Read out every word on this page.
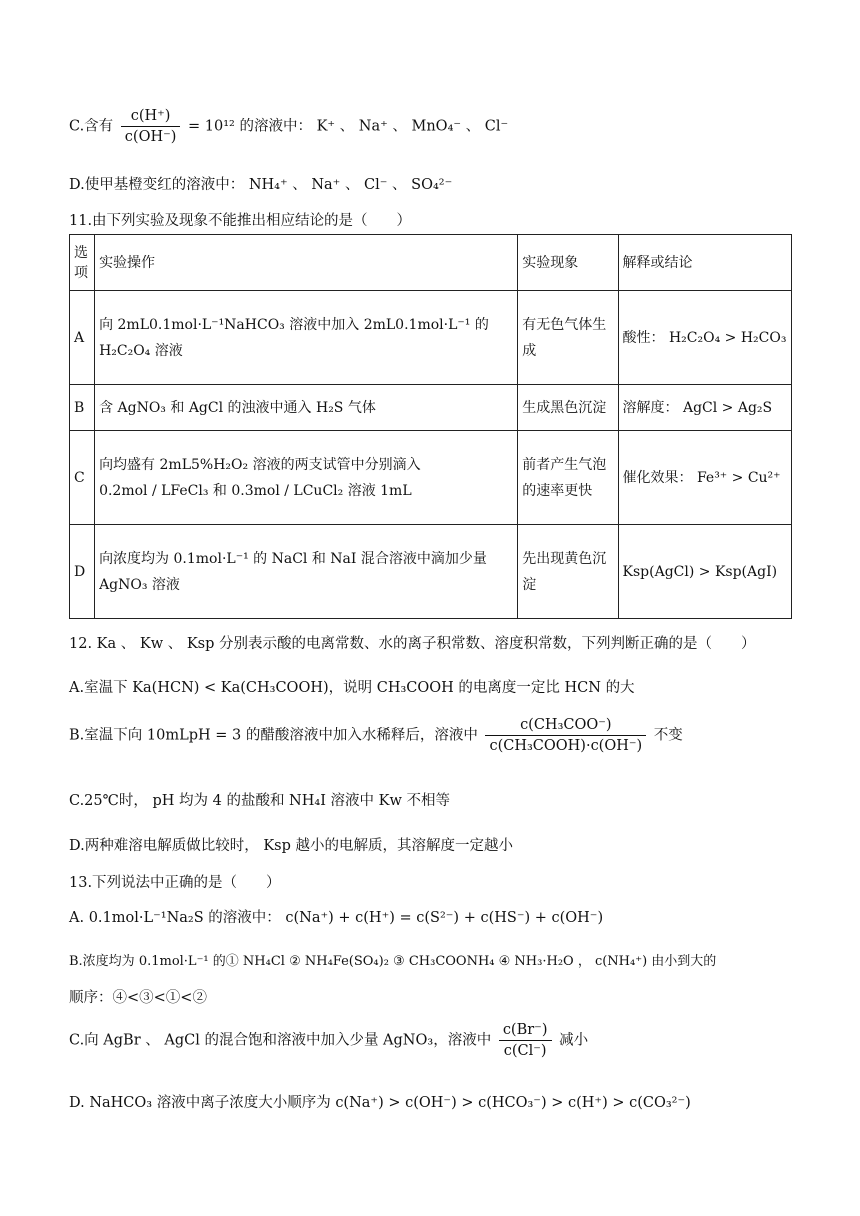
C.含有 $\frac{c(H^+)}{c(OH^-)} = 10^{12}$ 的溶液中： K⁺ 、 Na⁺ 、 MnO₄⁻ 、 Cl⁻
D.使甲基橙变红的溶液中： NH₄⁺ 、 Na⁺ 、 Cl⁻ 、 SO₄²⁻
11.由下列实验及现象不能推出相应结论的是（　　）
选项	实验操作	实验现象	解释或结论
A	向 2mL0.1mol·L⁻¹NaHCO₃ 溶液中加入 2mL0.1mol·L⁻¹ 的
H₂C₂O₄ 溶液	有无色气体生成	酸性： H₂C₂O₄ > H₂CO₃
B	含 AgNO₃ 和 AgCl 的浊液中通入 H₂S 气体	生成黑色沉淀	溶解度： AgCl > Ag₂S
C	向均盛有 2mL5%H₂O₂ 溶液的两支试管中分别滴入
0.2mol / LFeCl₃ 和 0.3mol / LCuCl₂ 溶液 1mL	前者产生气泡的速率更快	催化效果： Fe³⁺ > Cu²⁺
D	向浓度均为 0.1mol·L⁻¹ 的 NaCl 和 NaI 混合溶液中滴加少量
AgNO₃ 溶液	先出现黄色沉淀	Ksp(AgCl) > Ksp(AgI)
12. Ka 、 Kw 、 Ksp 分别表示酸的电离常数、水的离子积常数、溶度积常数，下列判断正确的是（　　）
A.室温下 Ka(HCN) < Ka(CH₃COOH)，说明 CH₃COOH 的电离度一定比 HCN 的大
B.室温下向 10mLpH = 3 的醋酸溶液中加入水稀释后，溶液中 $\frac{\text{c(CH₃COO⁻)}}{\text{c(CH₃COOH)·c(OH⁻)}}$ 不变
C.25℃时， pH 均为 4 的盐酸和 NH₄I 溶液中 Kw 不相等
D.两种难溶电解质做比较时， Ksp 越小的电解质，其溶解度一定越小
13.下列说法中正确的是（　　）
A. 0.1mol·L⁻¹Na₂S 的溶液中： c(Na⁺) + c(H⁺) = c(S²⁻) + c(HS⁻) + c(OH⁻)
B.浓度均为 0.1mol·L⁻¹ 的① NH₄Cl ② NH₄Fe(SO₄)₂ ③ CH₃COONH₄ ④ NH₃·H₂O ， c(NH₄⁺) 由小到大的
顺序：④<③<①<②
C.向 AgBr 、 AgCl 的混合饱和溶液中加入少量 AgNO₃，溶液中 $\frac{c(Br^-)}{c(Cl^-)}$ 减小
D. NaHCO₃ 溶液中离子浓度大小顺序为 c(Na⁺) > c(OH⁻) > c(HCO₃⁻) > c(H⁺) > c(CO₃²⁻)
